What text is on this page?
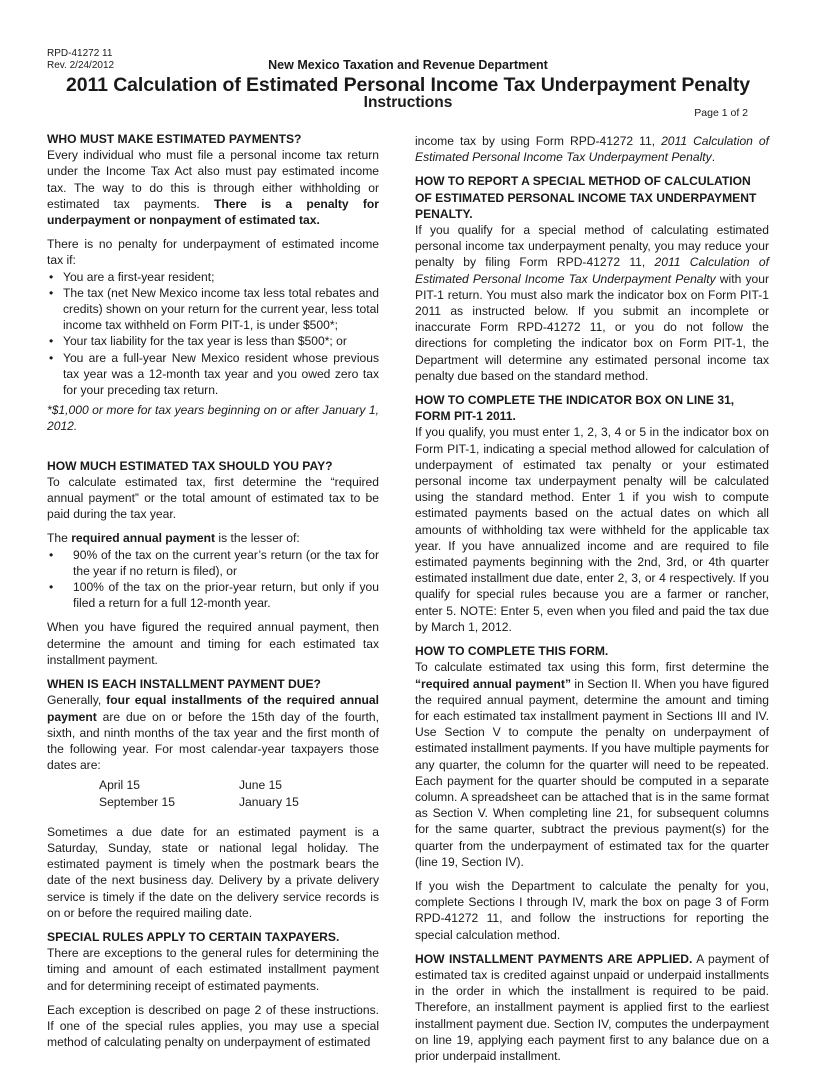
RPD-41272 11
Rev. 2/24/2012	New Mexico Taxation and Revenue Department
2011 Calculation of Estimated Personal Income Tax Underpayment Penalty
Instructions
Page 1 of 2
WHO MUST MAKE ESTIMATED PAYMENTS?

Every individual who must file a personal income tax return under the Income Tax Act also must pay estimated income tax. The way to do this is through either withholding or estimated tax payments. There is a penalty for underpayment or nonpayment of estimated tax.

There is no penalty for underpayment of estimated income tax if:

• You are a first-year resident;
• The tax (net New Mexico income tax less total rebates and credits) shown on your return for the current year, less total income tax withheld on Form PIT-1, is under $500*;
• Your tax liability for the tax year is less than $500*; or
• You are a full-year New Mexico resident whose previous tax year was a 12-month tax year and you owed zero tax for your preceding tax return.

*$1,000 or more for tax years beginning on or after January 1, 2012.

HOW MUCH ESTIMATED TAX SHOULD YOU PAY?

To calculate estimated tax, first determine the “required annual payment” or the total amount of estimated tax to be paid during the tax year.

The required annual payment is the lesser of:

• 90% of the tax on the current year’s return (or the tax for the year if no return is filed), or
• 100% of the tax on the prior-year return, but only if you filed a return for a full 12-month year.

When you have figured the required annual payment, then determine the amount and timing for each estimated tax installment payment.

WHEN IS EACH INSTALLMENT PAYMENT DUE?

Generally, four equal installments of the required annual payment are due on or before the 15th day of the fourth, sixth, and ninth months of the tax year and the first month of the following year. For most calendar-year taxpayers those dates are:

April 15	June 15
September 15	January 15

Sometimes a due date for an estimated payment is a Saturday, Sunday, state or national legal holiday. The estimated payment is timely when the postmark bears the date of the next business day. Delivery by a private delivery service is timely if the date on the delivery service records is on or before the required mailing date.

SPECIAL RULES APPLY TO CERTAIN TAXPAYERS.

There are exceptions to the general rules for determining the timing and amount of each estimated installment payment and for determining receipt of estimated payments.

Each exception is described on page 2 of these instructions. If one of the special rules applies, you may use a special method of calculating penalty on underpayment of estimated

income tax by using Form RPD-41272 11, 2011 Calculation of Estimated Personal Income Tax Underpayment Penalty.

HOW TO REPORT A SPECIAL METHOD OF CALCULATION OF ESTIMATED PERSONAL INCOME TAX UNDERPAYMENT PENALTY.

If you qualify for a special method of calculating estimated personal income tax underpayment penalty, you may reduce your penalty by filing Form RPD-41272 11, 2011 Calculation of Estimated Personal Income Tax Underpayment Penalty with your PIT-1 return. You must also mark the indicator box on Form PIT-1 2011 as instructed below. If you submit an incomplete or inaccurate Form RPD-41272 11, or you do not follow the directions for completing the indicator box on Form PIT-1, the Department will determine any estimated personal income tax penalty due based on the standard method.

HOW TO COMPLETE THE INDICATOR BOX ON LINE 31, FORM PIT-1 2011.

If you qualify, you must enter 1, 2, 3, 4 or 5 in the indicator box on Form PIT-1, indicating a special method allowed for calculation of underpayment of estimated tax penalty or your estimated personal income tax underpayment penalty will be calculated using the standard method. Enter 1 if you wish to compute estimated payments based on the actual dates on which all amounts of withholding tax were withheld for the applicable tax year. If you have annualized income and are required to file estimated payments beginning with the 2nd, 3rd, or 4th quarter estimated installment due date, enter 2, 3, or 4 respectively. If you qualify for special rules because you are a farmer or rancher, enter 5. NOTE: Enter 5, even when you filed and paid the tax due by March 1, 2012.

HOW TO COMPLETE THIS FORM.

To calculate estimated tax using this form, first determine the “required annual payment” in Section II. When you have figured the required annual payment, determine the amount and timing for each estimated tax installment payment in Sections III and IV. Use Section V to compute the penalty on underpayment of estimated installment payments. If you have multiple payments for any quarter, the column for the quarter will need to be repeated. Each payment for the quarter should be computed in a separate column. A spreadsheet can be attached that is in the same format as Section V. When completing line 21, for subsequent columns for the same quarter, subtract the previous payment(s) for the quarter from the underpayment of estimated tax for the quarter (line 19, Section IV).

If you wish the Department to calculate the penalty for you, complete Sections I through IV, mark the box on page 3 of Form RPD-41272 11, and follow the instructions for reporting the special calculation method.

HOW INSTALLMENT PAYMENTS ARE APPLIED. A payment of estimated tax is credited against unpaid or underpaid installments in the order in which the installment is required to be paid. Therefore, an installment payment is applied first to the earliest installment payment due. Section IV, computes the underpayment on line 19, applying each payment first to any balance due on a prior underpaid installment.
